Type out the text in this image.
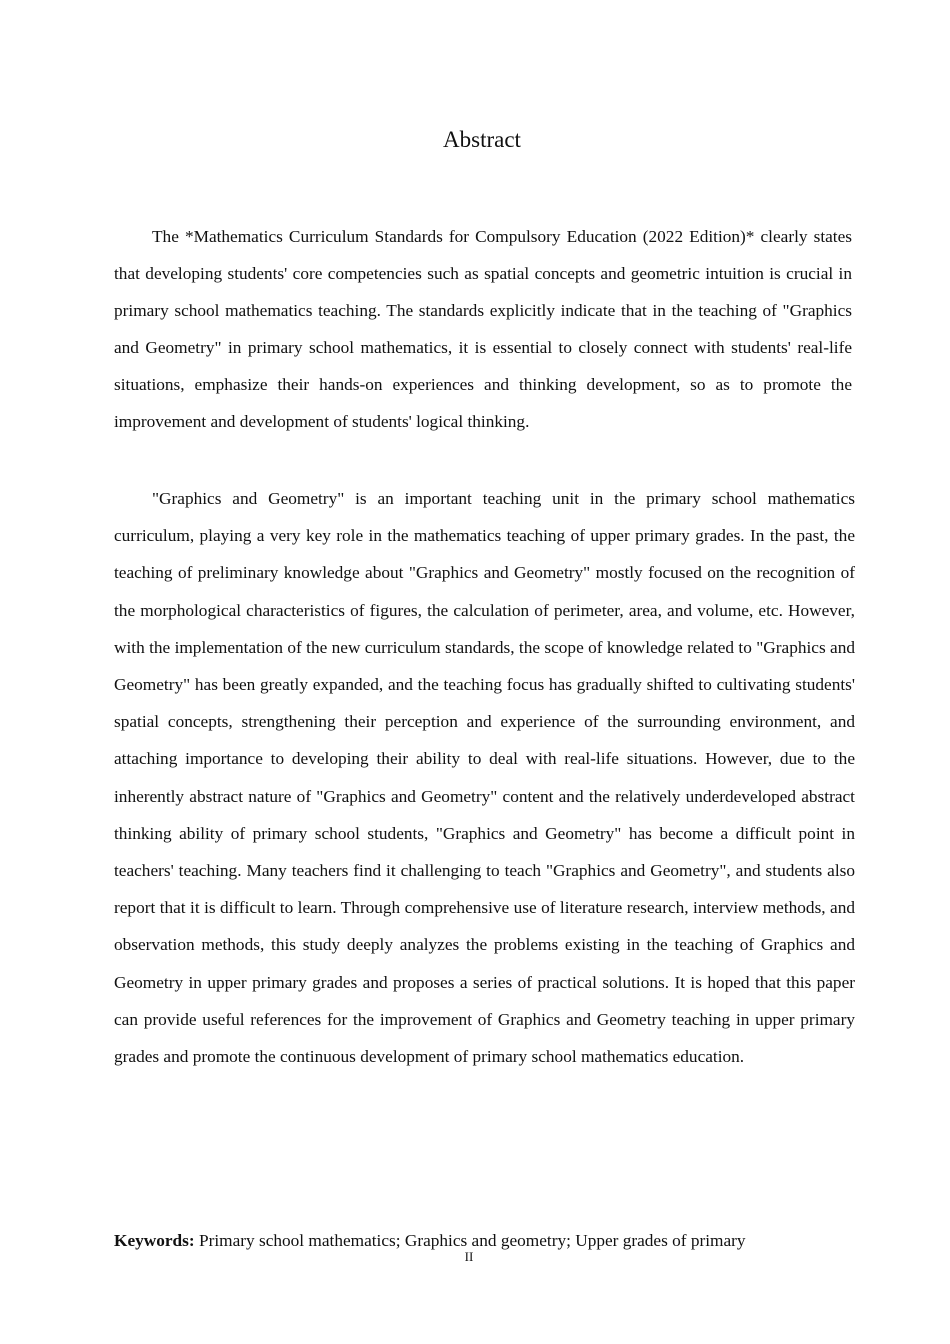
Abstract

The *Mathematics Curriculum Standards for Compulsory Education (2022 Edition)* clearly states that developing students' core competencies such as spatial concepts and geometric intuition is crucial in primary school mathematics teaching. The standards explicitly indicate that in the teaching of "Graphics and Geometry" in primary school mathematics, it is essential to closely connect with students' real-life situations, emphasize their hands-on experiences and thinking development, so as to promote the improvement and development of students' logical thinking.

"Graphics and Geometry" is an important teaching unit in the primary school mathematics curriculum, playing a very key role in the mathematics teaching of upper primary grades. In the past, the teaching of preliminary knowledge about "Graphics and Geometry" mostly focused on the recognition of the morphological characteristics of figures, the calculation of perimeter, area, and volume, etc. However, with the implementation of the new curriculum standards, the scope of knowledge related to "Graphics and Geometry" has been greatly expanded, and the teaching focus has gradually shifted to cultivating students' spatial concepts, strengthening their perception and experience of the surrounding environment, and attaching importance to developing their ability to deal with real-life situations. However, due to the inherently abstract nature of "Graphics and Geometry" content and the relatively underdeveloped abstract thinking ability of primary school students, "Graphics and Geometry" has become a difficult point in teachers' teaching. Many teachers find it challenging to teach "Graphics and Geometry", and students also report that it is difficult to learn. Through comprehensive use of literature research, interview methods, and observation methods, this study deeply analyzes the problems existing in the teaching of Graphics and Geometry in upper primary grades and proposes a series of practical solutions. It is hoped that this paper can provide useful references for the improvement of Graphics and Geometry teaching in upper primary grades and promote the continuous development of primary school mathematics education.

Keywords: Primary school mathematics; Graphics and geometry; Upper grades of primary

II
